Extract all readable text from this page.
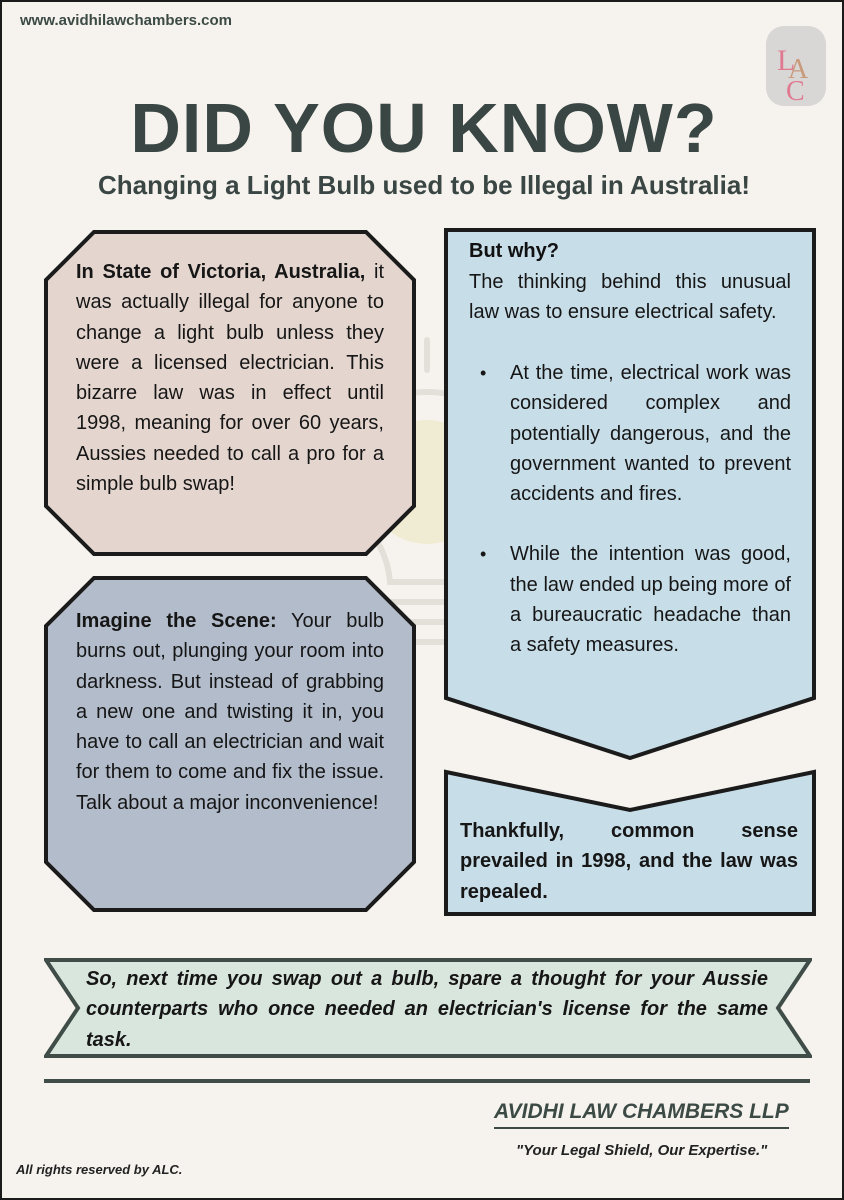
www.avidhilawchambers.com
L
A
C
DID YOU KNOW?
Changing a Light Bulb used to be Illegal in Australia!
In State of Victoria, Australia, it was actually illegal for anyone to change a light bulb unless they were a licensed electrician. This bizarre law was in effect until 1998, meaning for over 60 years, Aussies needed to call a pro for a simple bulb swap!
But why?
The thinking behind this unusual law was to ensure electrical safety.
• At the time, electrical work was considered complex and potentially dangerous, and the government wanted to prevent accidents and fires.
• While the intention was good, the law ended up being more of a bureaucratic headache than a safety measures.
Imagine the Scene: Your bulb burns out, plunging your room into darkness. But instead of grabbing a new one and twisting it in, you have to call an electrician and wait for them to come and fix the issue. Talk about a major inconvenience!
Thankfully, common sense prevailed in 1998, and the law was repealed.
So, next time you swap out a bulb, spare a thought for your Aussie counterparts who once needed an electrician's license for the same task.
AVIDHI LAW CHAMBERS LLP
"Your Legal Shield, Our Expertise."
All rights reserved by ALC.
